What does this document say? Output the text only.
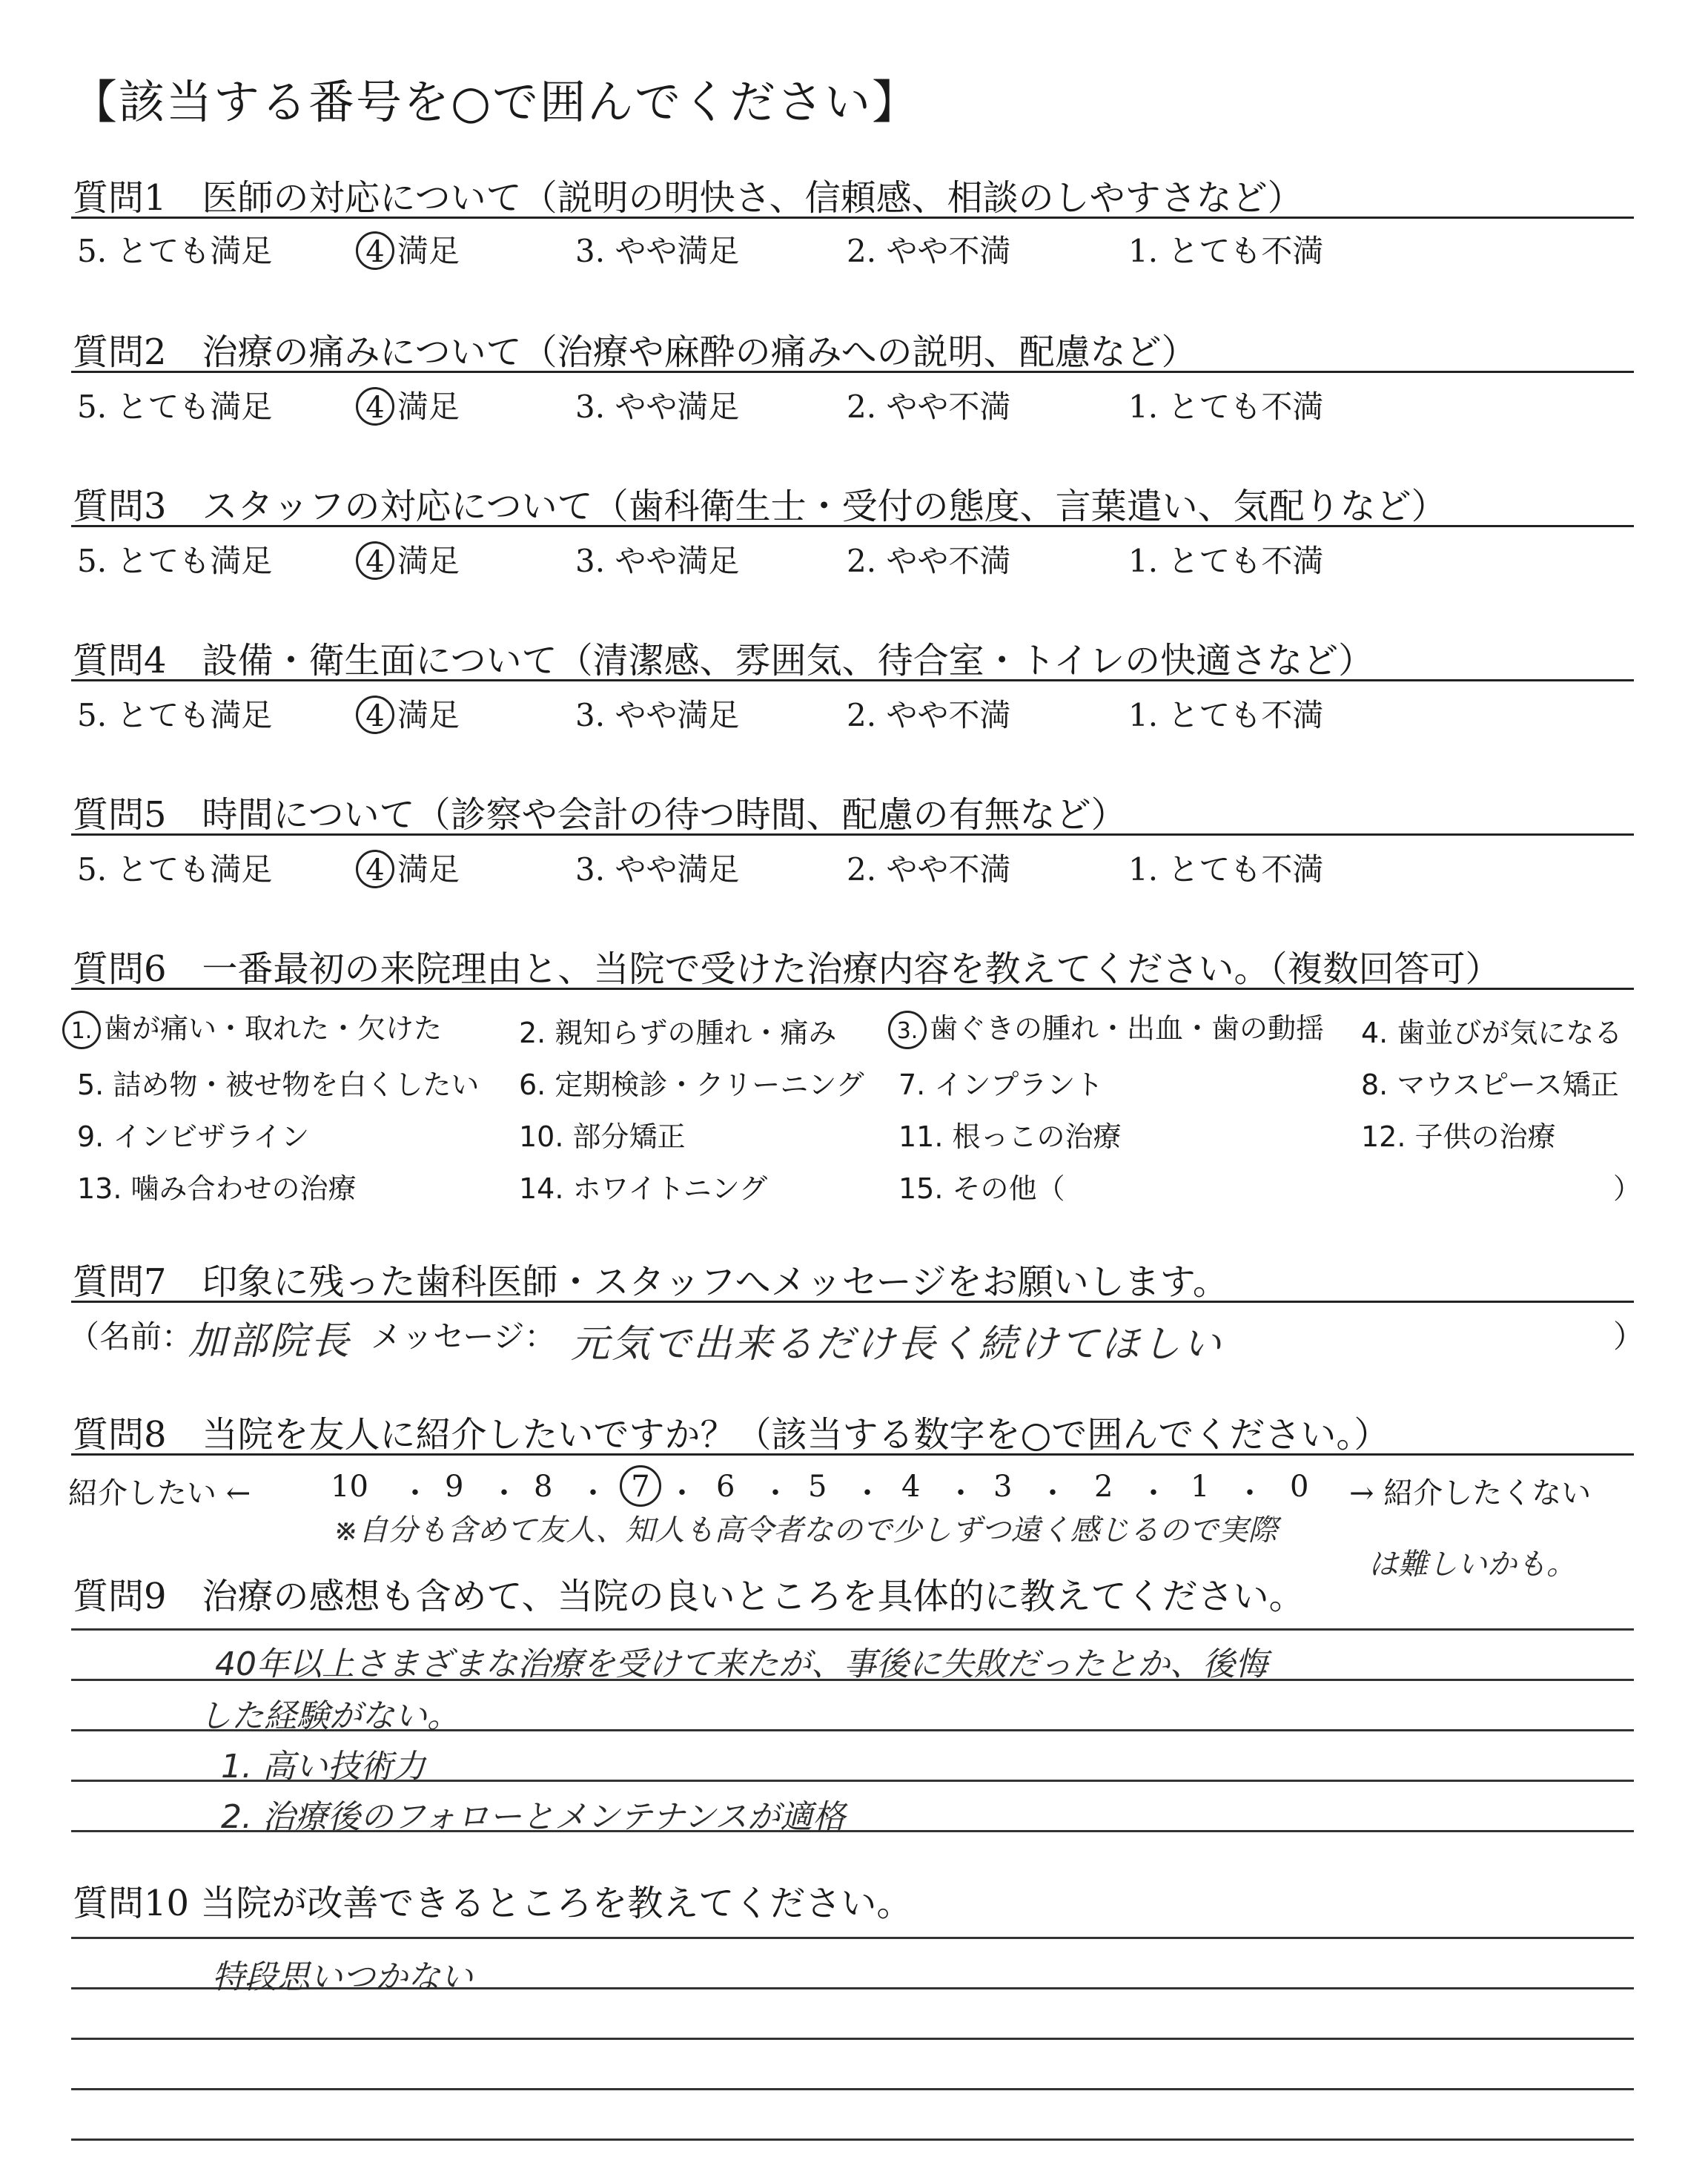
【該当する番号を○で囲んでください】
質問1　医師の対応について（説明の明快さ、信頼感、相談のしやすさなど）
5. とても満足	4 満足	3. やや満足	2. やや不満	1. とても不満
質問2　治療の痛みについて（治療や麻酔の痛みへの説明、配慮など）
5. とても満足	4 満足	3. やや満足	2. やや不満	1. とても不満
質問3　スタッフの対応について（歯科衛生士・受付の態度、言葉遣い、気配りなど）
5. とても満足	4 満足	3. やや満足	2. やや不満	1. とても不満
質問4　設備・衛生面について（清潔感、雰囲気、待合室・トイレの快適さなど）
5. とても満足	4 満足	3. やや満足	2. やや不満	1. とても不満
質問5　時間について（診察や会計の待つ時間、配慮の有無など）
5. とても満足	4 満足	3. やや満足	2. やや不満	1. とても不満
質問6　一番最初の来院理由と、当院で受けた治療内容を教えてください。（複数回答可）
1. 歯が痛い・取れた・欠けた	2. 親知らずの腫れ・痛み	3. 歯ぐきの腫れ・出血・歯の動揺 4. 歯並びが気になる
5. 詰め物・被せ物を白くしたい 6. 定期検診・クリーニング 7. インプラント	8. マウスピース矯正
9. インビザライン	10. 部分矯正	11. 根っこの治療	12. 子供の治療
13. 噛み合わせの治療	14. ホワイトニング	15. その他（	）
質問7　印象に残った歯科医師・スタッフへメッセージをお願いします。
（名前：
加部院長 メッセージ： 元気で出来るだけ長く続けてほしい	）
質問8　当院を友人に紹介したいですか？（該当する数字を○で囲んでください。）
紹介したい ←	10 ・ 9 ・ 8 ・ 7 ・ 6 ・ 5 ・ 4 ・ 3 ・ 2 ・ 1 ・ 0 → 紹介したくない
※自分も含めて友人、知人も高令者なので少しずつ遠く感じるので実際
は難しいかも。
質問9　治療の感想も含めて、当院の良いところを具体的に教えてください。
40年以上さまざまな治療を受けて来たが、事後に失敗だったとか、後悔
した経験がない。
1. 高い技術力
2. 治療後のフォローとメンテナンスが適格
質問10 当院が改善できるところを教えてください。
特段思いつかない
